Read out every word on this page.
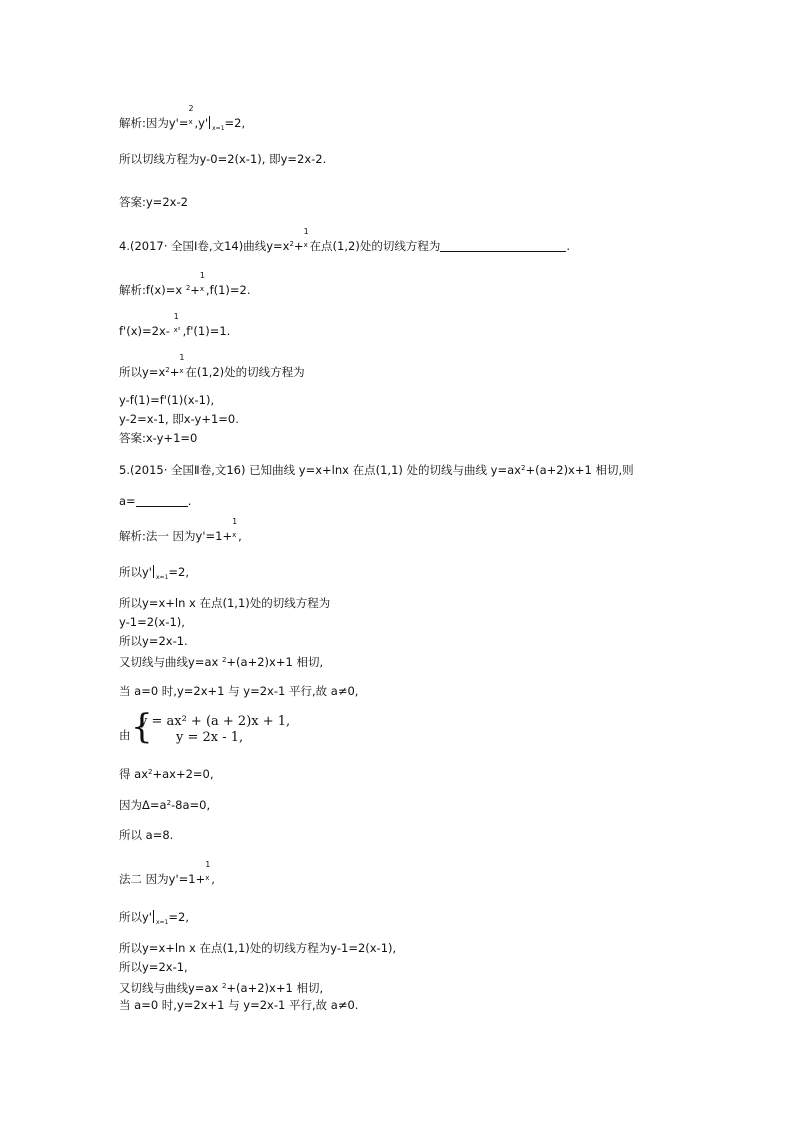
解析:因为y'=
2
x ,y' $_{x=1}$=2,
所以切线方程为y-0=2(x-1), 即y=2x-2.
答案:y=2x-2
4.(2017· 全国Ⅰ卷,文14)曲线$y=x^2+$
1
x 在点(1,2)处的切线方程为	.
解析:f(x)=x $^2$+
1
x ,f(1)=2.
f'(x)=2x-
1
x² ,f'(1)=1.
所以$y=x^2+$
1
x 在(1,2)处的切线方程为
y-f(1)=f'(1)(x-1),
y-2=x-1, 即x-y+1=0.
答案:x-y+1=0
5.(2015· 全国Ⅱ卷,文16) 已知曲线 y=x+lnx 在点(1,1) 处的切线与曲线 $y=ax^2+(a+2)x+1$ 相切,则
a=	.
解析:法一 因为y'=1+
1
x ,
所以y' $_{x=1}$=2,
所以y=x+ln x 在点(1,1)处的切线方程为
y-1=2(x-1),
所以y=2x-1.
又切线与曲线y=ax $^2$+(a+2)x+1 相切,
当 a=0 时,y=2x+1 与 y=2x-1 平行,故 a≠0,
由 {
y = ax² + (a + 2)x + 1,
y = 2x - 1,
得 $ax^2+ax+2=0$,
因为$\Delta=a^2-8a=0$,
所以 a=8.
法二 因为y'=1+
1
x ,
所以y' $_{x=1}$=2,
所以y=x+ln x 在点(1,1)处的切线方程为y-1=2(x-1),
所以y=2x-1,
又切线与曲线y=ax $^2$+(a+2)x+1 相切,
当 a=0 时,y=2x+1 与 y=2x-1 平行,故 a≠0.
